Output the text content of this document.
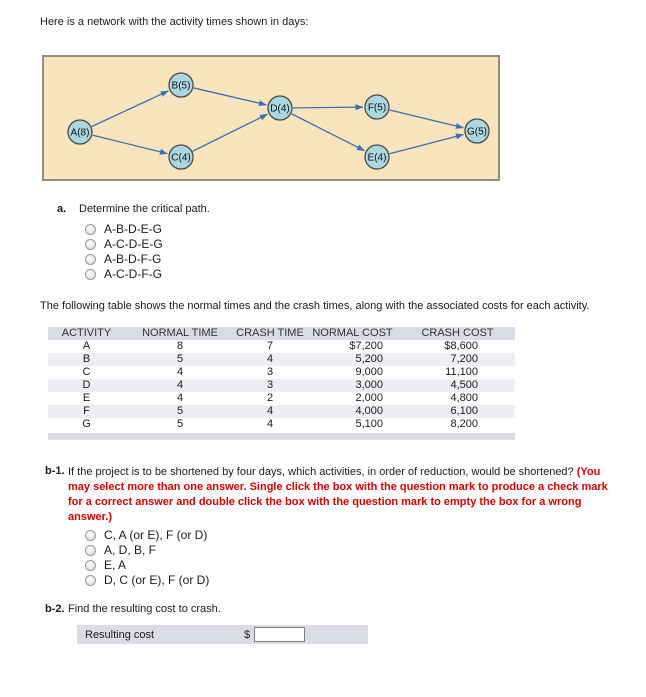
Here is a network with the activity times shown in days:
A(8)
B(5)
C(4)
D(4)	F(5)
E(4)
G(5)
a.	Determine the critical path.
A-B-D-E-G
A-C-D-E-G
A-B-D-F-G
A-C-D-F-G
The following table shows the normal times and the crash times, along with the associated costs for each activity.
ACTIVITY	NORMAL TIME	CRASH TIME	NORMAL COST	CRASH COST
A	8	7	$7,200	$8,600
B	5	4	5,200	7,200
C	4	3	9,000	11,100
D	4	3	3,000	4,500
E	4	2	2,000	4,800
F	5	4	4,000	6,100
G	5	4	5,100	8,200
b-1. If the project is to be shortened by four days, which activities, in order of reduction, would be shortened? (You may select more than one answer. Single click the box with the question mark to produce a check mark for a correct answer and double click the box with the question mark to empty the box for a wrong answer.)
C, A (or E), F (or D)
A, D, B, F
E, A
D, C (or E), F (or D)
b-2. Find the resulting cost to crash.
Resulting cost	$
